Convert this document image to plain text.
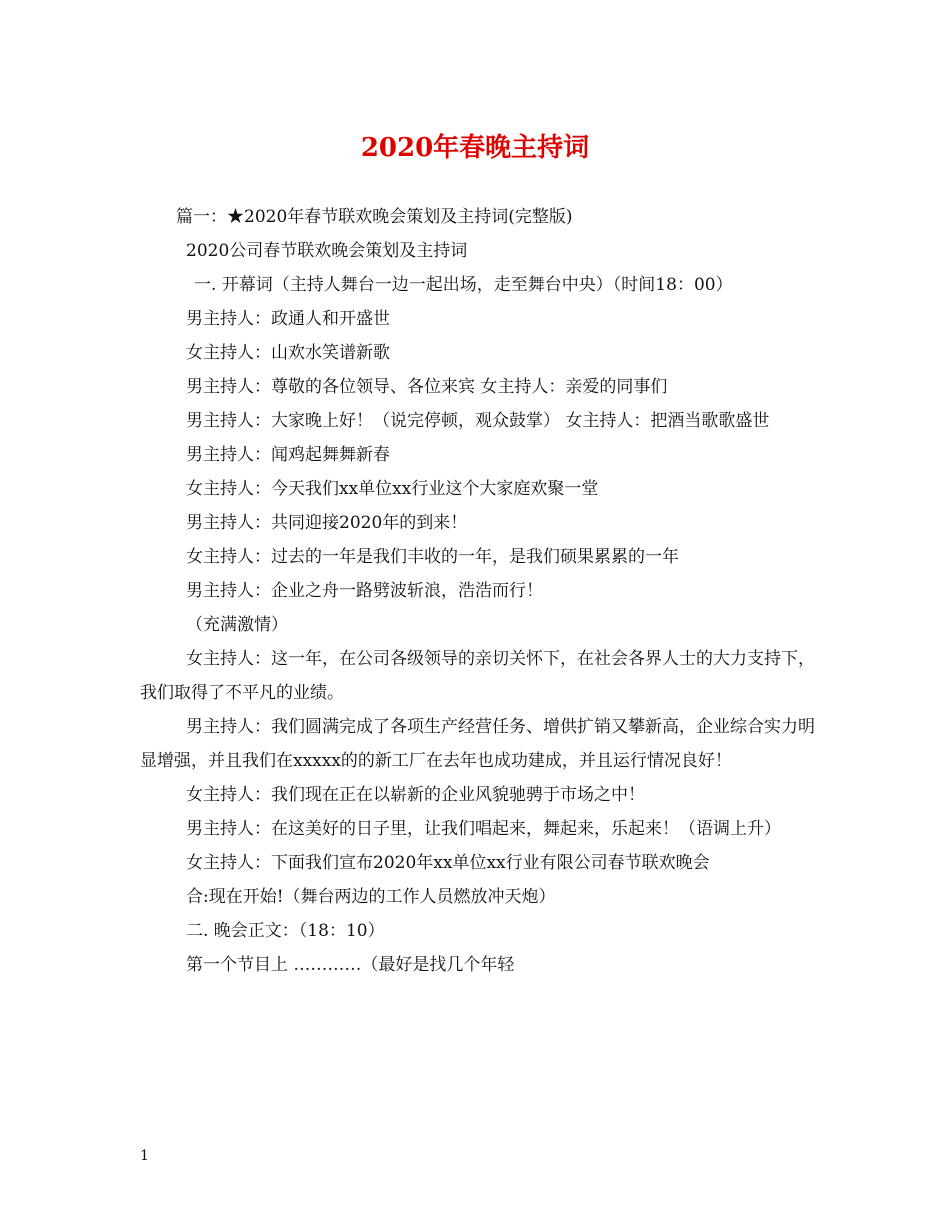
2020年春晚主持词

篇一：★2020年春节联欢晚会策划及主持词(完整版)

2020公司春节联欢晚会策划及主持词

一. 开幕词（主持人舞台一边一起出场，走至舞台中央）（时间18：00）

男主持人：政通人和开盛世

女主持人：山欢水笑谱新歌

男主持人：尊敬的各位领导、各位来宾 女主持人：亲爱的同事们

男主持人：大家晚上好！（说完停顿，观众鼓掌） 女主持人：把酒当歌歌盛世

男主持人：闻鸡起舞舞新春

女主持人：今天我们xx单位xx行业这个大家庭欢聚一堂

男主持人：共同迎接2020年的到来！

女主持人：过去的一年是我们丰收的一年，是我们硕果累累的一年

男主持人：企业之舟一路劈波斩浪，浩浩而行！

（充满激情）

女主持人：这一年，在公司各级领导的亲切关怀下，在社会各界人士的大力支持下，我们取得了不平凡的业绩。

男主持人：我们圆满完成了各项生产经营任务、增供扩销又攀新高，企业综合实力明显增强，并且我们在xxxxx的的新工厂在去年也成功建成，并且运行情况良好！

女主持人：我们现在正在以崭新的企业风貌驰骋于市场之中！

男主持人：在这美好的日子里，让我们唱起来，舞起来，乐起来！（语调上升）

女主持人：下面我们宣布2020年xx单位xx行业有限公司春节联欢晚会

合:现在开始!（舞台两边的工作人员燃放冲天炮）

二. 晚会正文：（18：10）

第一个节目上 …………（最好是找几个年轻

1
